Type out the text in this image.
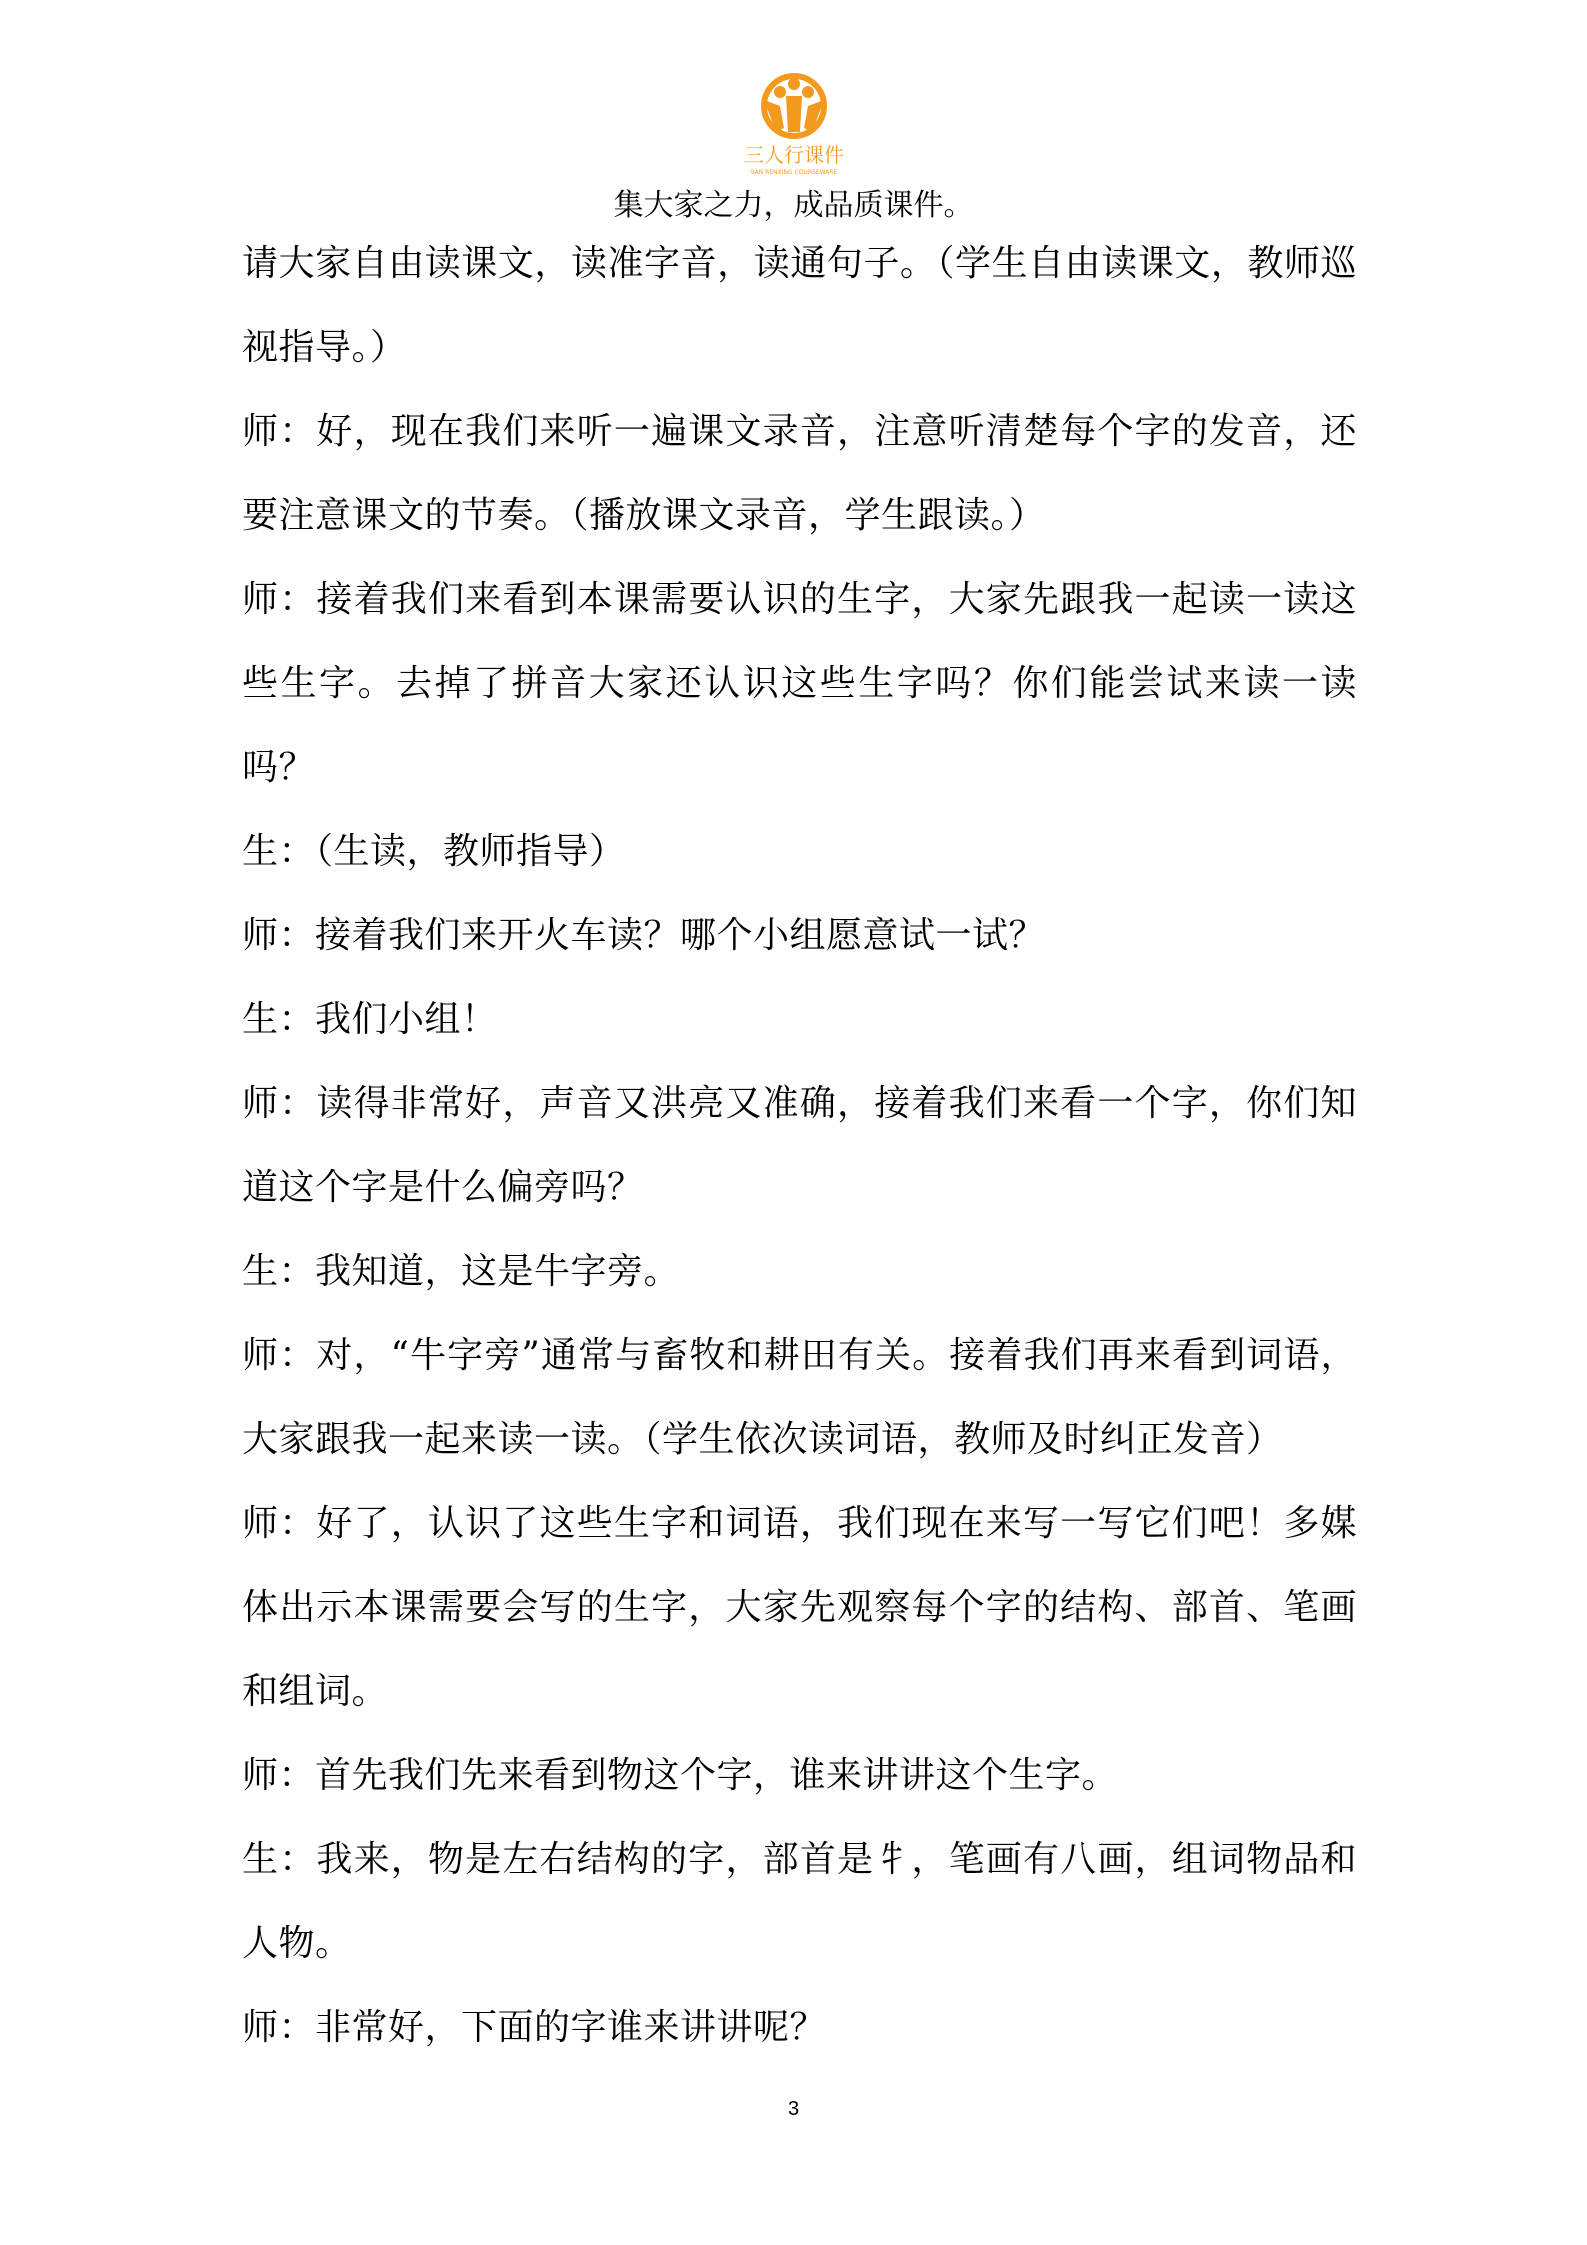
三人行课件
SAN RENXING COURSEWARE
集大家之力，成品质课件。

请大家自由读课文，读准字音，读通句子。（学生自由读课文，教师巡视指导。）

师：好，现在我们来听一遍课文录音，注意听清楚每个字的发音，还要注意课文的节奏。（播放课文录音，学生跟读。）

师：接着我们来看到本课需要认识的生字，大家先跟我一起读一读这些生字。去掉了拼音大家还认识这些生字吗？你们能尝试来读一读吗？

生：（生读，教师指导）

师：接着我们来开火车读？哪个小组愿意试一试？

生：我们小组！

师：读得非常好，声音又洪亮又准确，接着我们来看一个字，你们知道这个字是什么偏旁吗？

生：我知道，这是牛字旁。

师：对，“牛字旁”通常与畜牧和耕田有关。接着我们再来看到词语，大家跟我一起来读一读。（学生依次读词语，教师及时纠正发音）

师：好了，认识了这些生字和词语，我们现在来写一写它们吧！多媒体出示本课需要会写的生字，大家先观察每个字的结构、部首、笔画和组词。

师：首先我们先来看到物这个字，谁来讲讲这个生字。

生：我来，物是左右结构的字，部首是牜，笔画有八画，组词物品和人物。

师：非常好，下面的字谁来讲讲呢？

3
